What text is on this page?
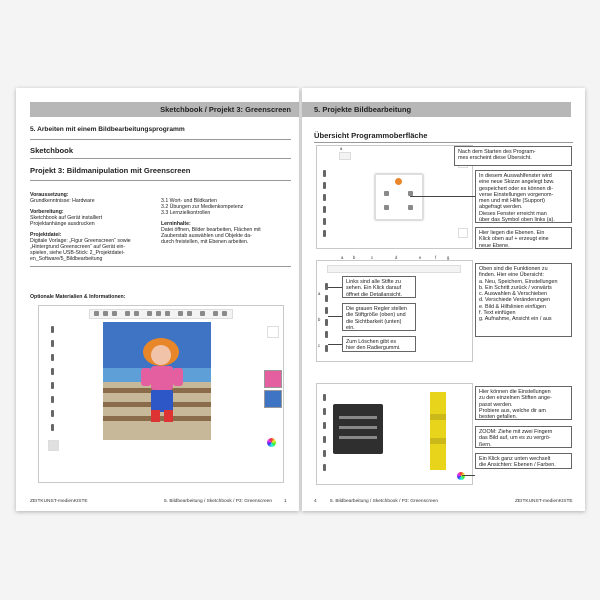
Sketchbook / Projekt 3: Greenscreen
5. Arbeiten mit einem Bildbearbeitungsprogramm
Sketchbook
Projekt 3: Bildmanipulation mit Greenscreen
Voraussetzung:
Grundkenntnisse: Hardware
Vorbereitung:
Sketchbook auf Gerät installiert
Projektanhänge ausdrucken
Projektdatei:
Digitale Vorlage: „Figur Greenscreen“ sowie
„Hintergrund Greenscreen“ auf Gerät ein-
spielen, siehe USB-Stick: 2_Projektdatei-
en_Software/5_Bildbearbeitung
3.1 Wort- und Bildkarten
3.2 Übungen zur Medienkompetenz
3.3 Lernzielkontrollen
Lerninhalte:
Datei öffnen, Bilder bearbeiten, Flächen mit
Zauberstab auswählen und Objekte da-
durch freistellen, mit Ebenen arbeiten.
Optionale Materialien & Informationen:
ZEITKUNST-medienKISTE	5. Bildbearbeitung / Sketchbook / P3: Greenscreen	1
5. Projekte Bildbearbeitung
Übersicht Programmoberfläche
a
Nach dem Starten des Program-
mes erscheint diese Übersicht.
In diesem Auswahlfenster wird
eine neue Skizze angelegt bzw.
gespeichert oder es können di-
verse Einstellungen vorgenom-
men und mit Hilfe (Support)
abgefragt werden.
Dieses Fenster erreicht man
über das Symbol oben links (a).
Hier liegen die Ebenen. Ein
Klick oben auf + erzeugt eine
neue Ebene.
a b	c	d	e	f	g
a
b
c
Oben sind die Funktionen zu
finden. Hier eine Übersicht:
a. Neu, Speichern, Einstellungen
b. Ein Schritt zurück / vorwärts
c. Auswahlen & Verschieben
d. Verschiede Veränderungen
e. Bild & Hilfslinien einfügen
f. Text einfügen
g. Aufnahme, Ansicht ein / aus
Links sind alle Stifte zu
sehen. Ein Klick darauf
öffnet die Detailansicht.
Die grauen Regler stellen
die Stiftgröße (oben) und
die Sichtbarkeit (unten)
ein.
Zum Löschen gibt es
hier den Radiergummi.
Hier können die Einstellungen
zu den einzelnen Stiften ange-
passt werden.
Probiere aus, welche dir am
besten gefallen.
ZOOM: Ziehe mit zwei Fingern
das Bild auf, um es zu vergrö-
ßern.
Ein Klick ganz unten wechselt
die Ansichten: Ebenen / Farben.
4	5. Bildbearbeitung / Sketchbook / P3: Greenscreen	ZEITKUNST-medienKISTE
